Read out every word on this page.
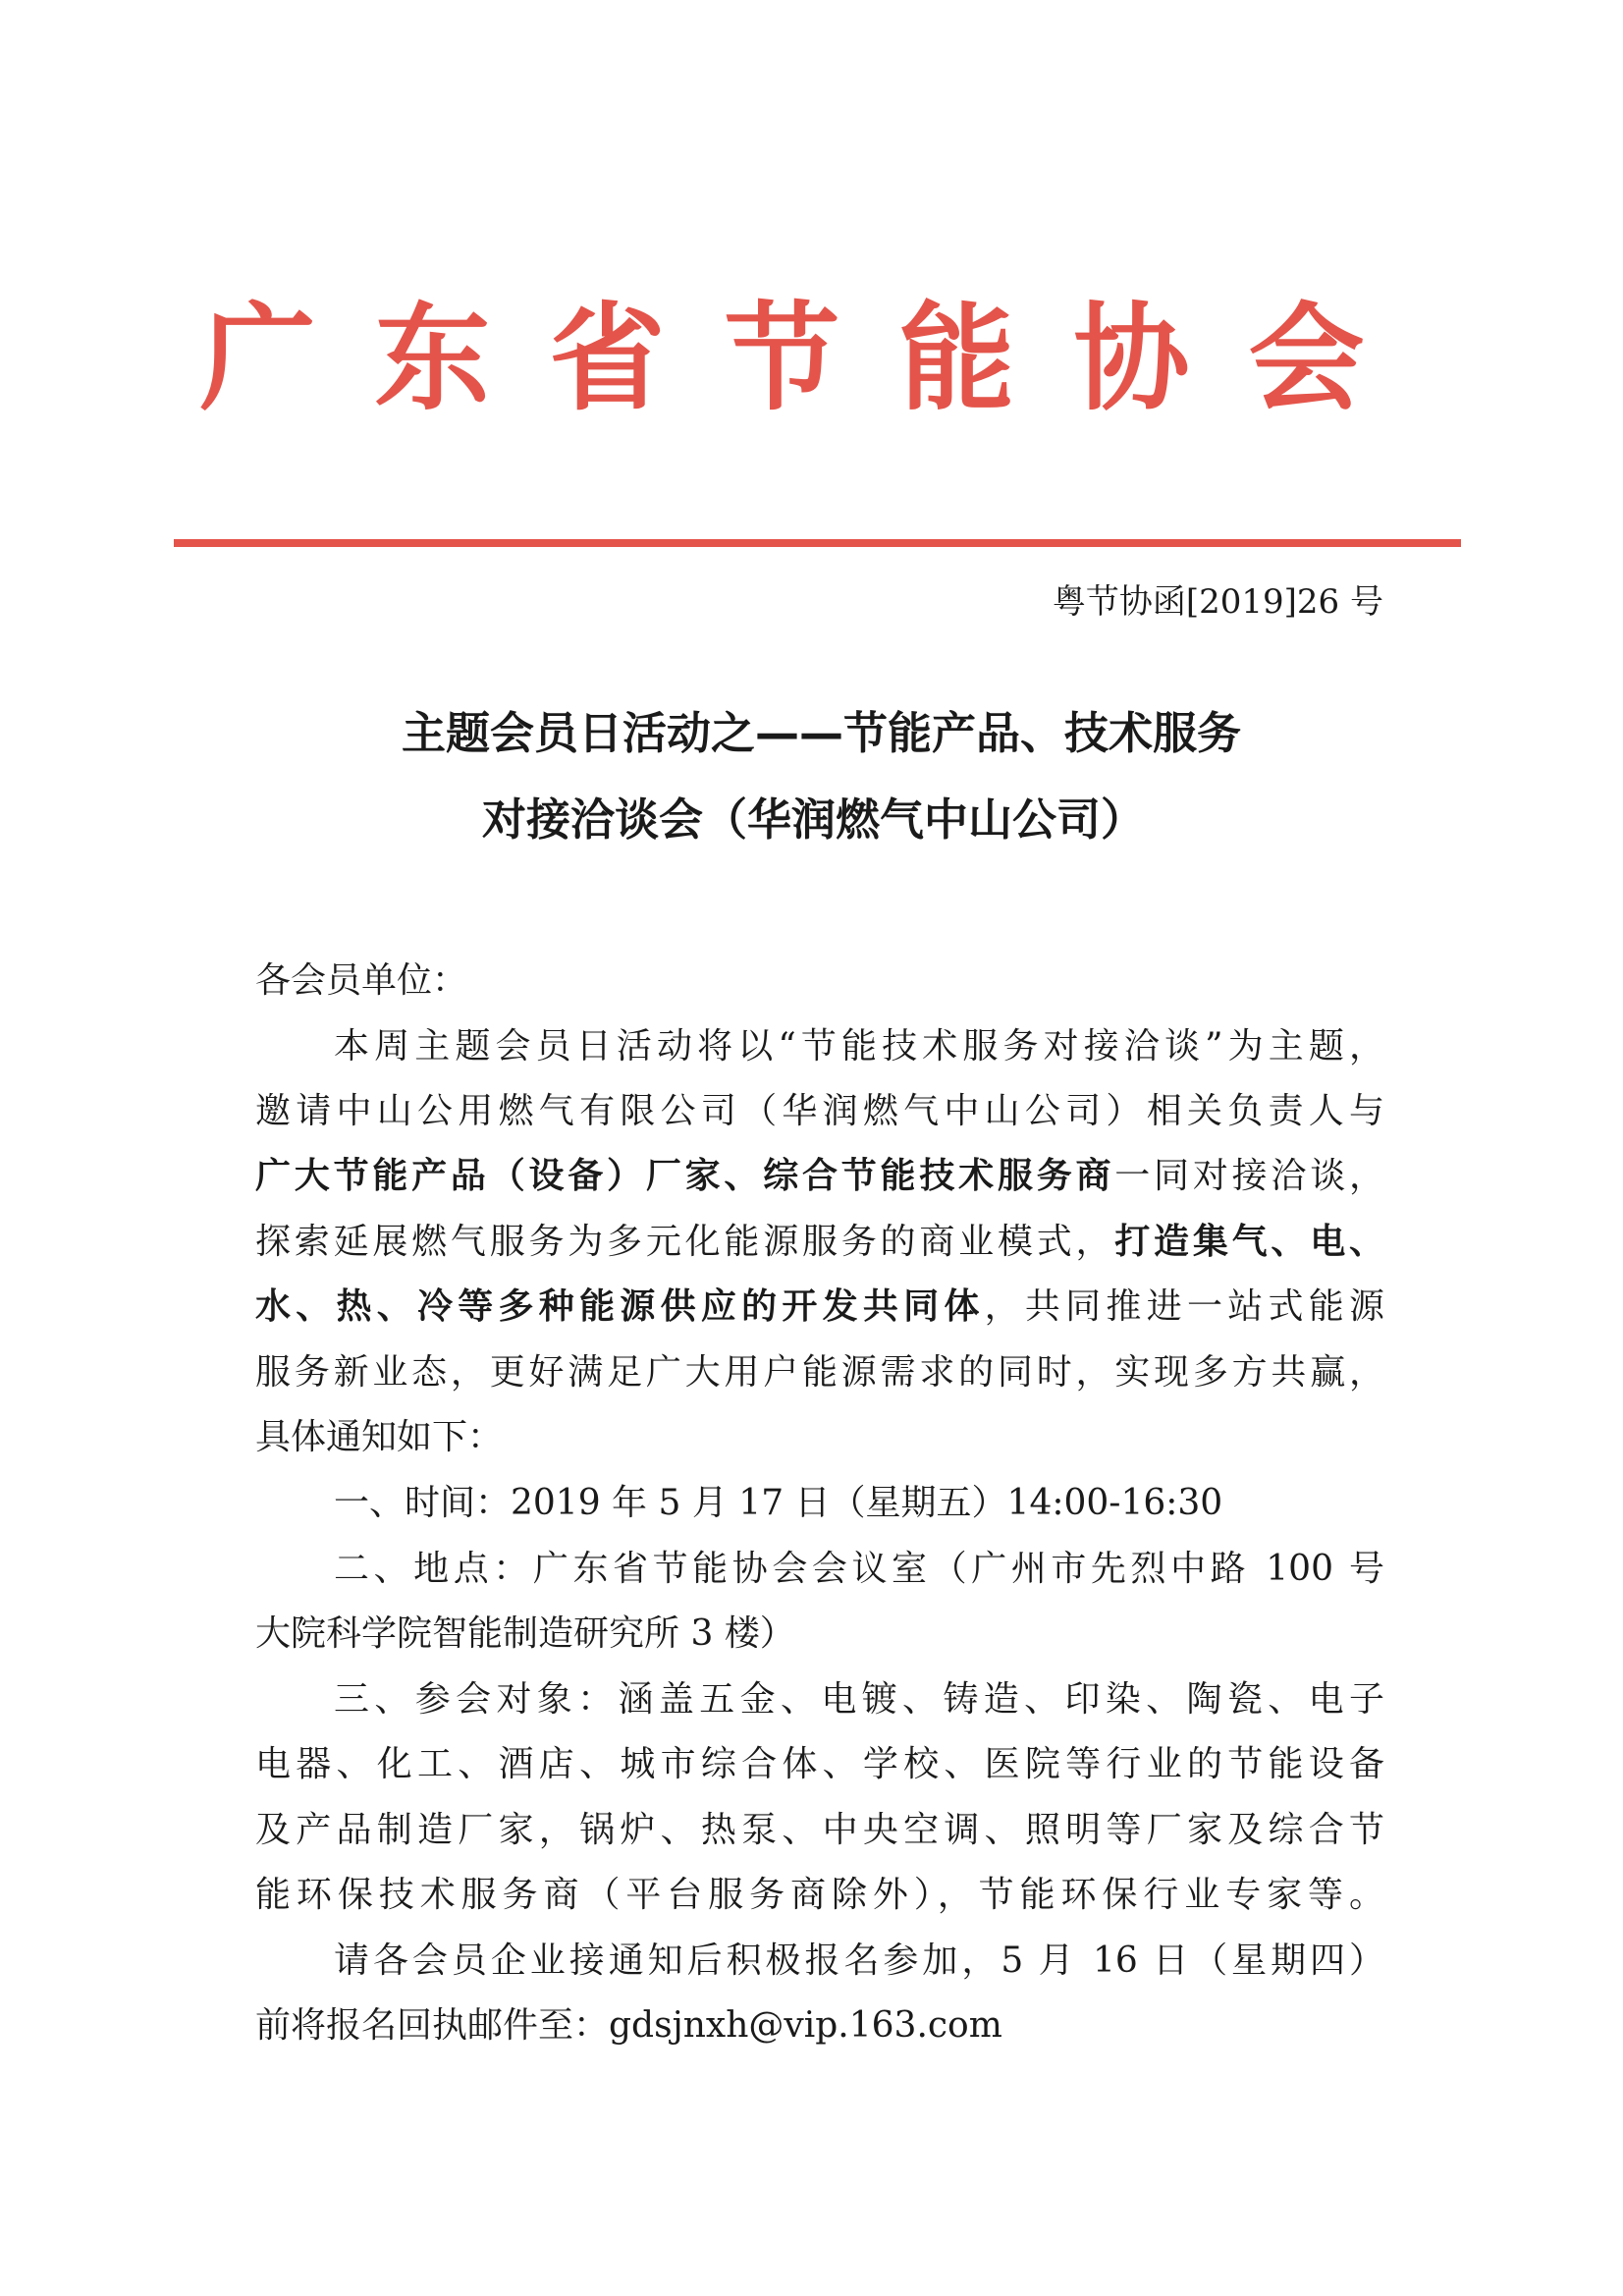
广东省节能协会
粤节协函[2019]26 号
主题会员日活动之——节能产品、技术服务
对接洽谈会（华润燃气中山公司）
各会员单位：
本周主题会员日活动将以“节能技术服务对接洽谈”为主题，
邀请中山公用燃气有限公司（华润燃气中山公司）相关负责人与
广大节能产品（设备）厂家、综合节能技术服务商一同对接洽谈，
探索延展燃气服务为多元化能源服务的商业模式，打造集气、电、
水、热、冷等多种能源供应的开发共同体，共同推进一站式能源
服务新业态，更好满足广大用户能源需求的同时，实现多方共赢，
具体通知如下：
一、时间：2019 年 5 月 17 日（星期五）14:00-16:30
二、地点：广东省节能协会会议室（广州市先烈中路 100 号
大院科学院智能制造研究所 3 楼）
三、参会对象：涵盖五金、电镀、铸造、印染、陶瓷、电子
电器、化工、酒店、城市综合体、学校、医院等行业的节能设备
及产品制造厂家，锅炉、热泵、中央空调、照明等厂家及综合节
能环保技术服务商（平台服务商除外），节能环保行业专家等。
请各会员企业接通知后积极报名参加，5 月 16 日（星期四）
前将报名回执邮件至：gdsjnxh@vip.163.com
